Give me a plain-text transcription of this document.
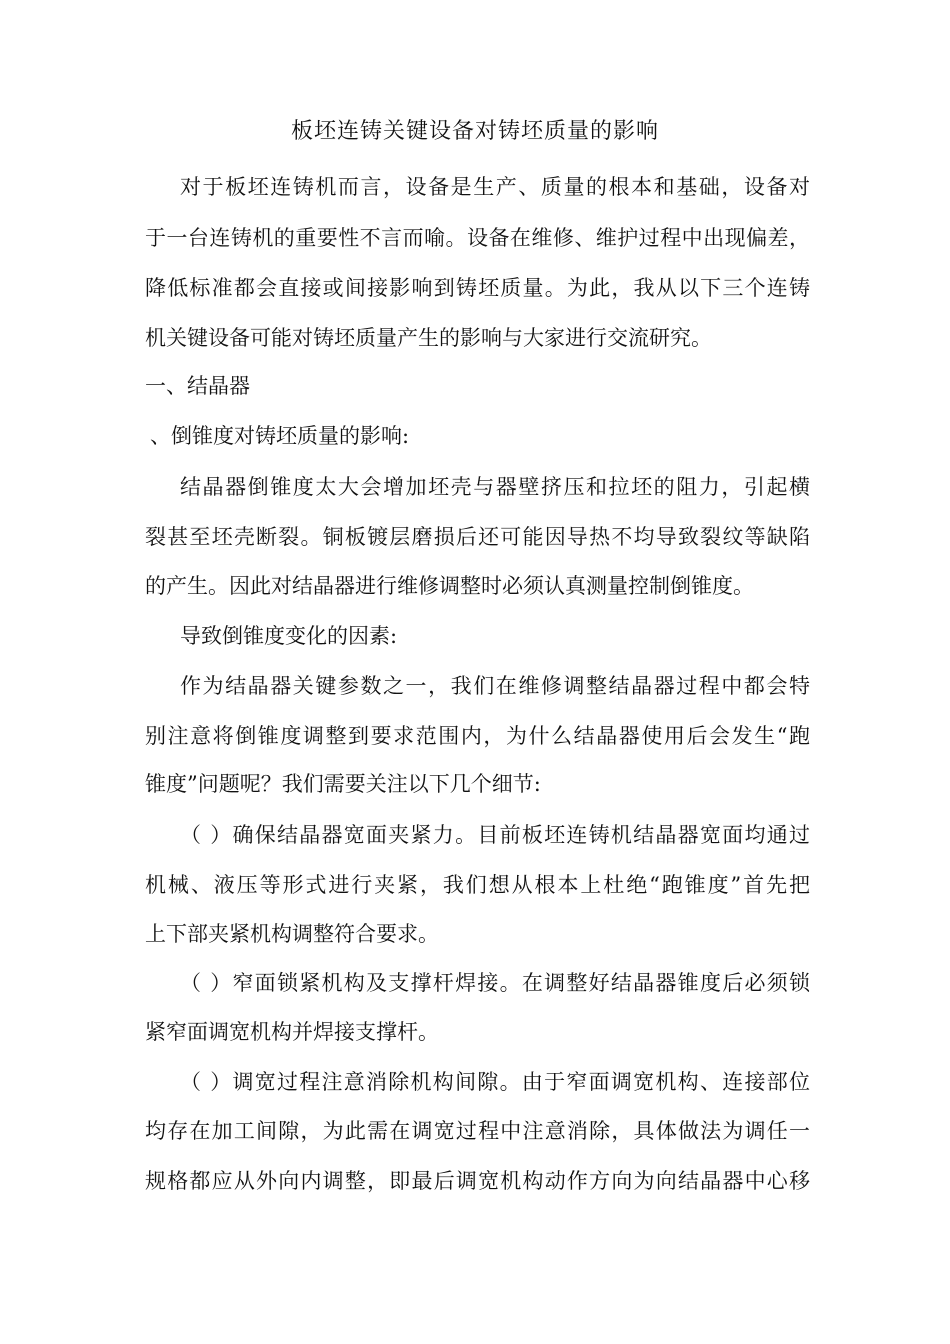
板坯连铸关键设备对铸坯质量的影响
对于板坯连铸机而言，设备是生产、质量的根本和基础，设备对
于一台连铸机的重要性不言而喻。设备在维修、维护过程中出现偏差，
降低标准都会直接或间接影响到铸坯质量。为此，我从以下三个连铸
机关键设备可能对铸坯质量产生的影响与大家进行交流研究。
一、结晶器
、倒锥度对铸坯质量的影响:
结晶器倒锥度太大会增加坯壳与器壁挤压和拉坯的阻力，引起横
裂甚至坯壳断裂。铜板镀层磨损后还可能因导热不均导致裂纹等缺陷
的产生。因此对结晶器进行维修调整时必须认真测量控制倒锥度。
导致倒锥度变化的因素:
作为结晶器关键参数之一，我们在维修调整结晶器过程中都会特
别注意将倒锥度调整到要求范围内，为什么结晶器使用后会发生“跑
锥度”问题呢？我们需要关注以下几个细节:
（ ）确保结晶器宽面夹紧力。目前板坯连铸机结晶器宽面均通过
机械、液压等形式进行夹紧，我们想从根本上杜绝“跑锥度”首先把
上下部夹紧机构调整符合要求。
（ ）窄面锁紧机构及支撑杆焊接。在调整好结晶器锥度后必须锁
紧窄面调宽机构并焊接支撑杆。
（ ）调宽过程注意消除机构间隙。由于窄面调宽机构、连接部位
均存在加工间隙，为此需在调宽过程中注意消除，具体做法为调任一
规格都应从外向内调整，即最后调宽机构动作方向为向结晶器中心移
